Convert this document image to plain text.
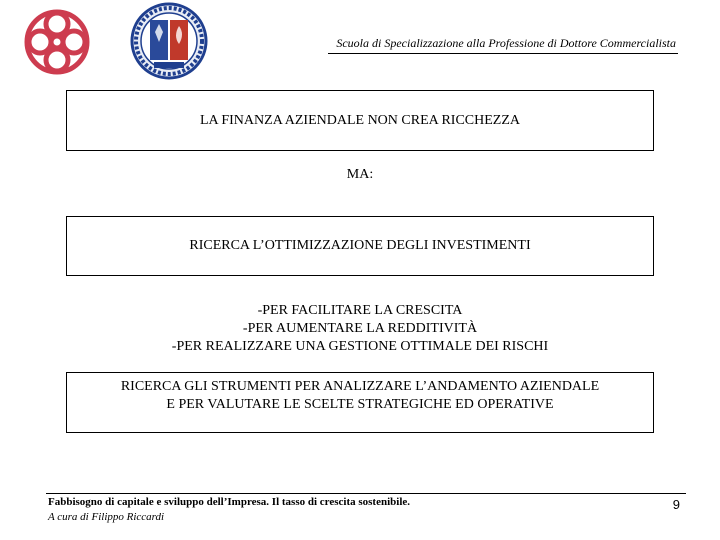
Scuola di Specializzazione alla Professione di Dottore Commercialista
LA FINANZA AZIENDALE NON CREA RICCHEZZA
MA:
RICERCA L’OTTIMIZZAZIONE DEGLI INVESTIMENTI
-PER FACILITARE LA CRESCITA
-PER AUMENTARE LA REDDITIVITÀ
-PER REALIZZARE UNA GESTIONE OTTIMALE DEI RISCHI
RICERCA GLI STRUMENTI PER ANALIZZARE L’ANDAMENTO AZIENDALE
E PER VALUTARE LE SCELTE STRATEGICHE ED OPERATIVE
Fabbisogno di capitale e sviluppo dell’Impresa. Il tasso di crescita sostenibile.
A cura di Filippo Riccardi
9
